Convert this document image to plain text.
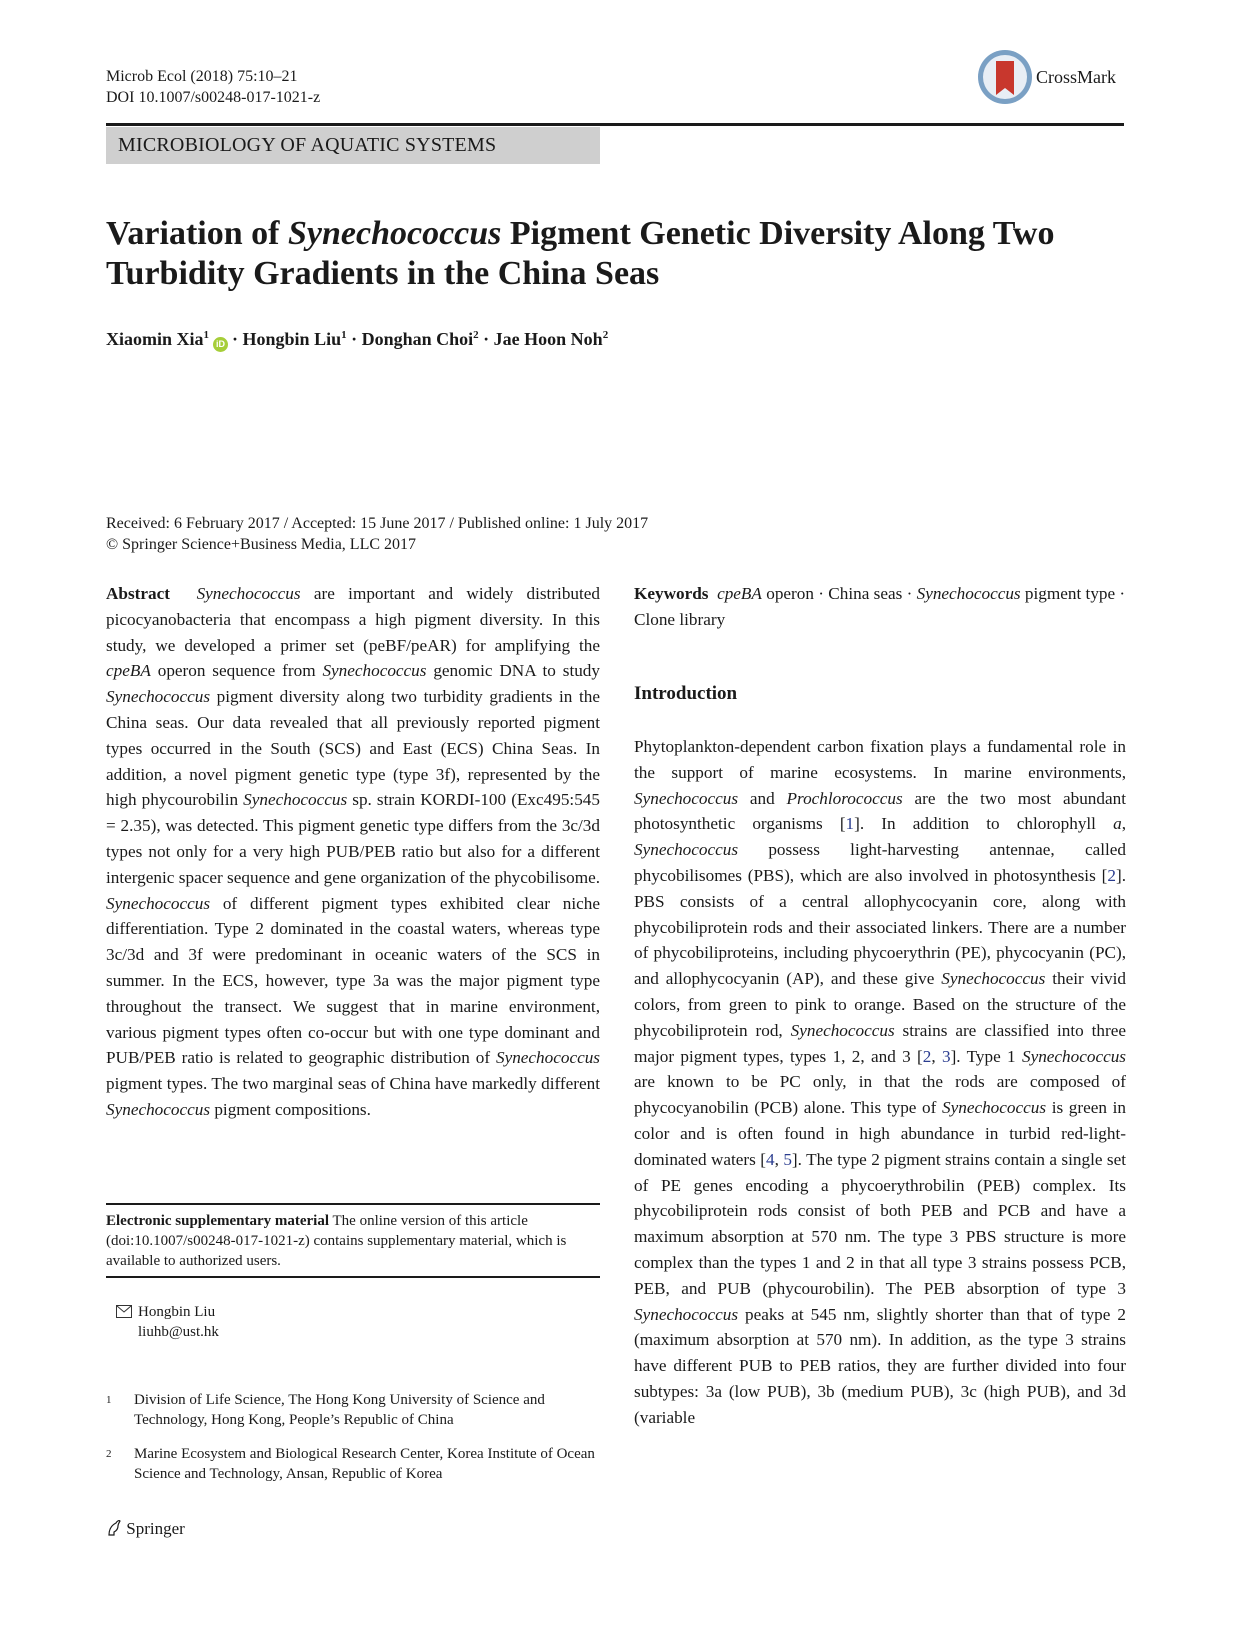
Microb Ecol (2018) 75:10–21
DOI 10.1007/s00248-017-1021-z
CrossMark
MICROBIOLOGY OF AQUATIC SYSTEMS
Variation of Synechococcus Pigment Genetic Diversity Along Two Turbidity Gradients in the China Seas
Xiaomin Xia$^1$iD · Hongbin Liu$^1$ · Donghan Choi$^2$ · Jae Hoon Noh$^2$
Received: 6 February 2017 / Accepted: 15 June 2017 / Published online: 1 July 2017
© Springer Science+Business Media, LLC 2017
Abstract Synechococcus are important and widely distributed picocyanobacteria that encompass a high pigment diversity. In this study, we developed a primer set (peBF/peAR) for amplifying the cpeBA operon sequence from Synechococcus genomic DNA to study Synechococcus pigment diversity along two turbidity gradients in the China seas. Our data revealed that all previously reported pigment types occurred in the South (SCS) and East (ECS) China Seas. In addition, a novel pigment genetic type (type 3f), represented by the high phycourobilin Synechococcus sp. strain KORDI-100 (Exc495:545 = 2.35), was detected. This pigment genetic type differs from the 3c/3d types not only for a very high PUB/PEB ratio but also for a different intergenic spacer sequence and gene organization of the phycobilisome. Synechococcus of different pigment types exhibited clear niche differentiation. Type 2 dominated in the coastal waters, whereas type 3c/3d and 3f were predominant in oceanic waters of the SCS in summer. In the ECS, however, type 3a was the major pigment type throughout the transect. We suggest that in marine environment, various pigment types often co-occur but with one type dominant and PUB/PEB ratio is related to geographic distribution of Synechococcus pigment types. The two marginal seas of China have markedly different Synechococcus pigment compositions.
Electronic supplementary material The online version of this article (doi:10.1007/s00248-017-1021-z) contains supplementary material, which is available to authorized users.
Hongbin Liu
liuhb@ust.hk
1 Division of Life Science, The Hong Kong University of Science and Technology, Hong Kong, People’s Republic of China
2 Marine Ecosystem and Biological Research Center, Korea Institute of Ocean Science and Technology, Ansan, Republic of Korea
Keywords cpeBA operon · China seas · Synechococcus pigment type · Clone library
Introduction
Phytoplankton-dependent carbon fixation plays a fundamental role in the support of marine ecosystems. In marine environments, Synechococcus and Prochlorococcus are the two most abundant photosynthetic organisms [1]. In addition to chlorophyll a, Synechococcus possess light-harvesting antennae, called phycobilisomes (PBS), which are also involved in photosynthesis [2]. PBS consists of a central allophycocyanin core, along with phycobiliprotein rods and their associated linkers. There are a number of phycobiliproteins, including phycoerythrin (PE), phycocyanin (PC), and allophycocyanin (AP), and these give Synechococcus their vivid colors, from green to pink to orange. Based on the structure of the phycobiliprotein rod, Synechococcus strains are classified into three major pigment types, types 1, 2, and 3 [2, 3]. Type 1 Synechococcus are known to be PC only, in that the rods are composed of phycocyanobilin (PCB) alone. This type of Synechococcus is green in color and is often found in high abundance in turbid red-light-dominated waters [4, 5]. The type 2 pigment strains contain a single set of PE genes encoding a phycoerythrobilin (PEB) complex. Its phycobiliprotein rods consist of both PEB and PCB and have a maximum absorption at 570 nm. The type 3 PBS structure is more complex than the types 1 and 2 in that all type 3 strains possess PCB, PEB, and PUB (phycourobilin). The PEB absorption of type 3 Synechococcus peaks at 545 nm, slightly shorter than that of type 2 (maximum absorption at 570 nm). In addition, as the type 3 strains have different PUB to PEB ratios, they are further divided into four subtypes: 3a (low PUB), 3b (medium PUB), 3c (high PUB), and 3d (variable
Springer
